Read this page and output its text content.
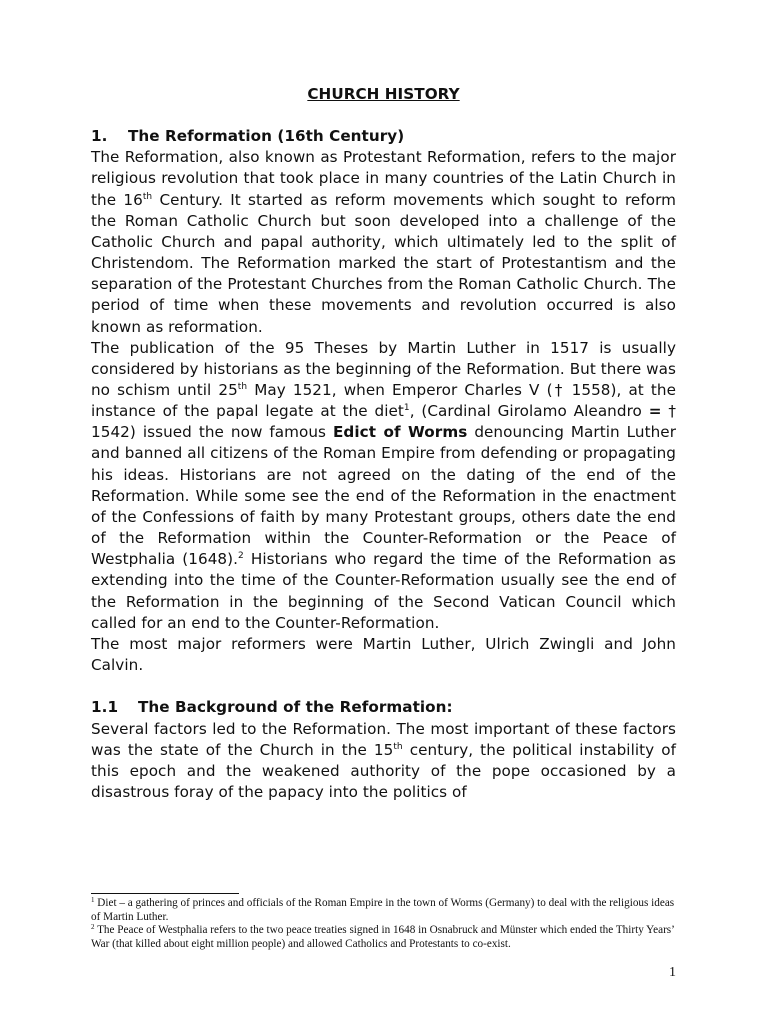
CHURCH HISTORY
1.	The Reformation (16th Century)

The Reformation, also known as Protestant Reformation, refers to the major religious revolution that took place in many countries of the Latin Church in the 16th Century. It started as reform movements which sought to reform the Roman Catholic Church but soon developed into a challenge of the Catholic Church and papal authority, which ultimately led to the split of Christendom. The Reformation marked the start of Protestantism and the separation of the Protestant Churches from the Roman Catholic Church. The period of time when these movements and revolution occurred is also known as reformation.

The publication of the 95 Theses by Martin Luther in 1517 is usually considered by historians as the beginning of the Reformation. But there was no schism until 25th May 1521, when Emperor Charles V († 1558), at the instance of the papal legate at the diet$^1$, (Cardinal Girolamo Aleandro = † 1542) issued the now famous Edict of Worms denouncing Martin Luther and banned all citizens of the Roman Empire from defending or propagating his ideas. Historians are not agreed on the dating of the end of the Reformation. While some see the end of the Reformation in the enactment of the Confessions of faith by many Protestant groups, others date the end of the Reformation within the Counter-Reformation or the Peace of Westphalia (1648).$^2$ Historians who regard the time of the Reformation as extending into the time of the Counter-Reformation usually see the end of the Reformation in the beginning of the Second Vatican Council which called for an end to the Counter-Reformation.

The most major reformers were Martin Luther, Ulrich Zwingli and John Calvin.

1.1	The Background of the Reformation:

Several factors led to the Reformation. The most important of these factors was the state of the Church in the 15th century, the political instability of this epoch and the weakened authority of the pope occasioned by a disastrous foray of the papacy into the politics of

$^1$ Diet – a gathering of princes and officials of the Roman Empire in the town of Worms (Germany) to deal with the religious ideas of Martin Luther.

$^2$ The Peace of Westphalia refers to the two peace treaties signed in 1648 in Osnabruck and Münster which ended the Thirty Years’ War (that killed about eight million people) and allowed Catholics and Protestants to co-exist.

1
